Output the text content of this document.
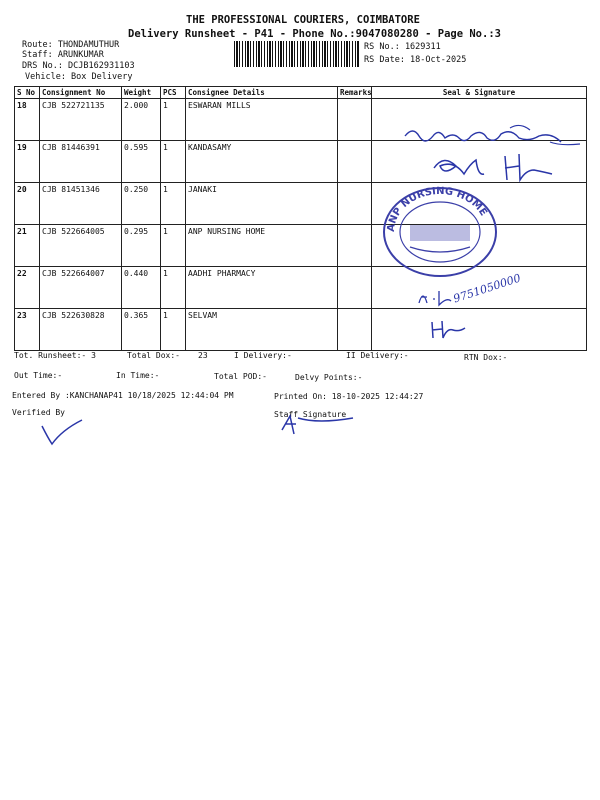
THE PROFESSIONAL COURIERS, COIMBATORE
Delivery Runsheet - P41 - Phone No.:9047080280 - Page No.:3
Route: THONDAMUTHUR
Staff: ARUNKUMAR
DRS No.: DCJB162931103
Vehicle: Box Delivery
RS No.: 1629311
RS Date: 18-Oct-2025
S No	Consignment No	Weight	PCS	Consignee Details	Remarks	Seal & Signature
18	CJB 522721135	2.000	1	ESWARAN MILLS		
19	CJB 81446391	0.595	1	KANDASAMY		
20	CJB 81451346	0.250	1	JANAKI		
21	CJB 522664005	0.295	1	ANP NURSING HOME		
22	CJB 522664007	0.440	1	AADHI PHARMACY		
23	CJB 522630828	0.365	1	SELVAM		
ANP NURSING HOME
9751050000
Tot. Runsheet:- 3	Total Dox:- 23	I Delivery:-	II Delivery:-	RTN Dox:-
Out Time:-	In Time:-	Total POD:-	Delvy Points:-
Entered By :KANCHANAP41 10/18/2025 12:44:04 PM	Printed On: 18-10-2025 12:44:27
Verified By	Staff Signature
